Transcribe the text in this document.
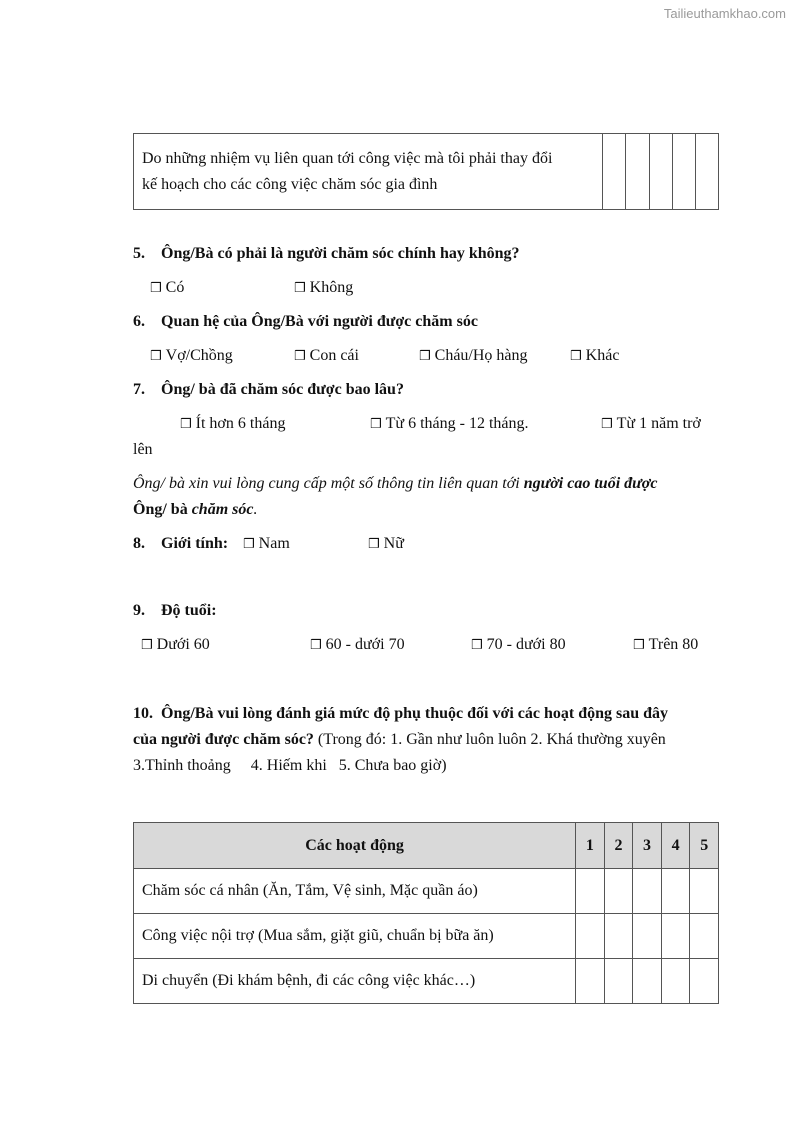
Tailieuthamkhao.com
Do những nhiệm vụ liên quan tới công việc mà tôi phải thay đổi
kế hoạch cho các công việc chăm sóc gia đình

5. Ông/Bà có phải là người chăm sóc chính hay không?
❒ Có	❒ Không
6. Quan hệ của Ông/Bà với người được chăm sóc
❒ Vợ/Chồng	❒ Con cái	❒ Cháu/Họ hàng	❒ Khác
7. Ông/ bà đã chăm sóc được bao lâu?
❒ Ít hơn 6 tháng	❒ Từ 6 tháng - 12 tháng.	❒ Từ 1 năm trở
lên
Ông/ bà xin vui lòng cung cấp một số thông tin liên quan tới người cao tuổi được
Ông/ bà chăm sóc.
8. Giới tính: ❒ Nam	❒ Nữ
9. Độ tuổi:
❒ Dưới 60	❒ 60 - dưới 70	❒ 70 - dưới 80	❒ Trên 80
10. Ông/Bà vui lòng đánh giá mức độ phụ thuộc đối với các hoạt động sau đây
của người được chăm sóc? (Trong đó: 1. Gần như luôn luôn 2. Khá thường xuyên
3.Thỉnh thoảng     4. Hiếm khi   5. Chưa bao giờ)
Các hoạt động	1	2	3	4	5
Chăm sóc cá nhân (Ăn, Tắm, Vệ sinh, Mặc quần áo)					
Công việc nội trợ (Mua sắm, giặt giũ, chuẩn bị bữa ăn)					
Di chuyển (Đi khám bệnh, đi các công việc khác…)					
